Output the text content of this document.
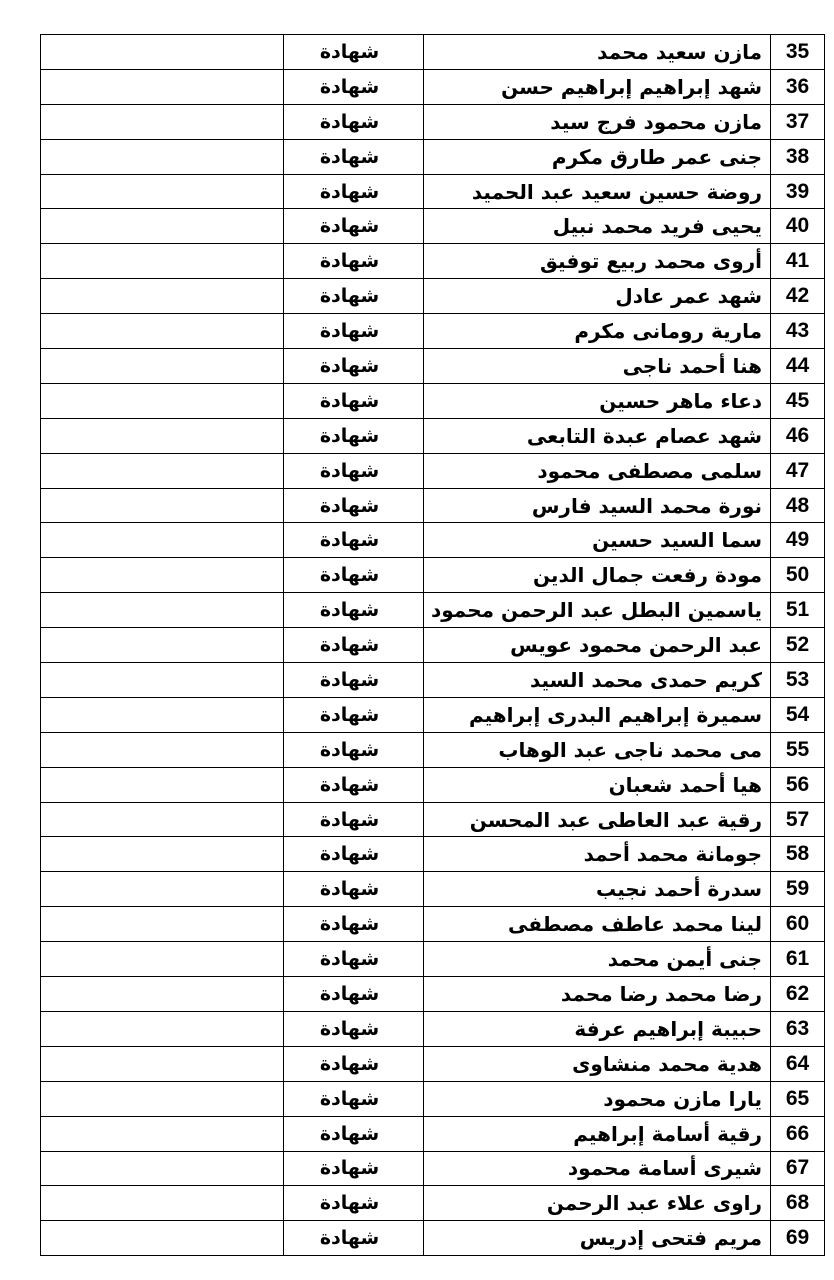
	شهادة	مازن سعيد محمد	35
	شهادة	شهد إبراهيم إبراهيم حسن	36
	شهادة	مازن محمود فرج سيد	37
	شهادة	جنى عمر طارق مكرم	38
	شهادة	روضة حسين سعيد عبد الحميد	39
	شهادة	يحيى فريد محمد نبيل	40
	شهادة	أروى محمد ربيع توفيق	41
	شهادة	شهد عمر عادل	42
	شهادة	مارية رومانى مكرم	43
	شهادة	هنا أحمد ناجى	44
	شهادة	دعاء ماهر حسين	45
	شهادة	شهد عصام عبدة التابعى	46
	شهادة	سلمى مصطفى محمود	47
	شهادة	نورة محمد السيد فارس	48
	شهادة	سما السيد حسين	49
	شهادة	مودة رفعت جمال الدين	50
	شهادة	ياسمين البطل عبد الرحمن محمود	51
	شهادة	عبد الرحمن محمود عويس	52
	شهادة	كريم حمدى محمد السيد	53
	شهادة	سميرة إبراهيم البدرى إبراهيم	54
	شهادة	مى محمد ناجى عبد الوهاب	55
	شهادة	هيا أحمد شعبان	56
	شهادة	رقية عبد العاطى عبد المحسن	57
	شهادة	جومانة محمد أحمد	58
	شهادة	سدرة أحمد نجيب	59
	شهادة	لينا محمد عاطف مصطفى	60
	شهادة	جنى أيمن محمد	61
	شهادة	رضا محمد رضا محمد	62
	شهادة	حبيبة إبراهيم عرفة	63
	شهادة	هدية محمد منشاوى	64
	شهادة	يارا مازن محمود	65
	شهادة	رقية أسامة إبراهيم	66
	شهادة	شيرى أسامة محمود	67
	شهادة	راوى علاء عبد الرحمن	68
	شهادة	مريم فتحى إدريس	69
